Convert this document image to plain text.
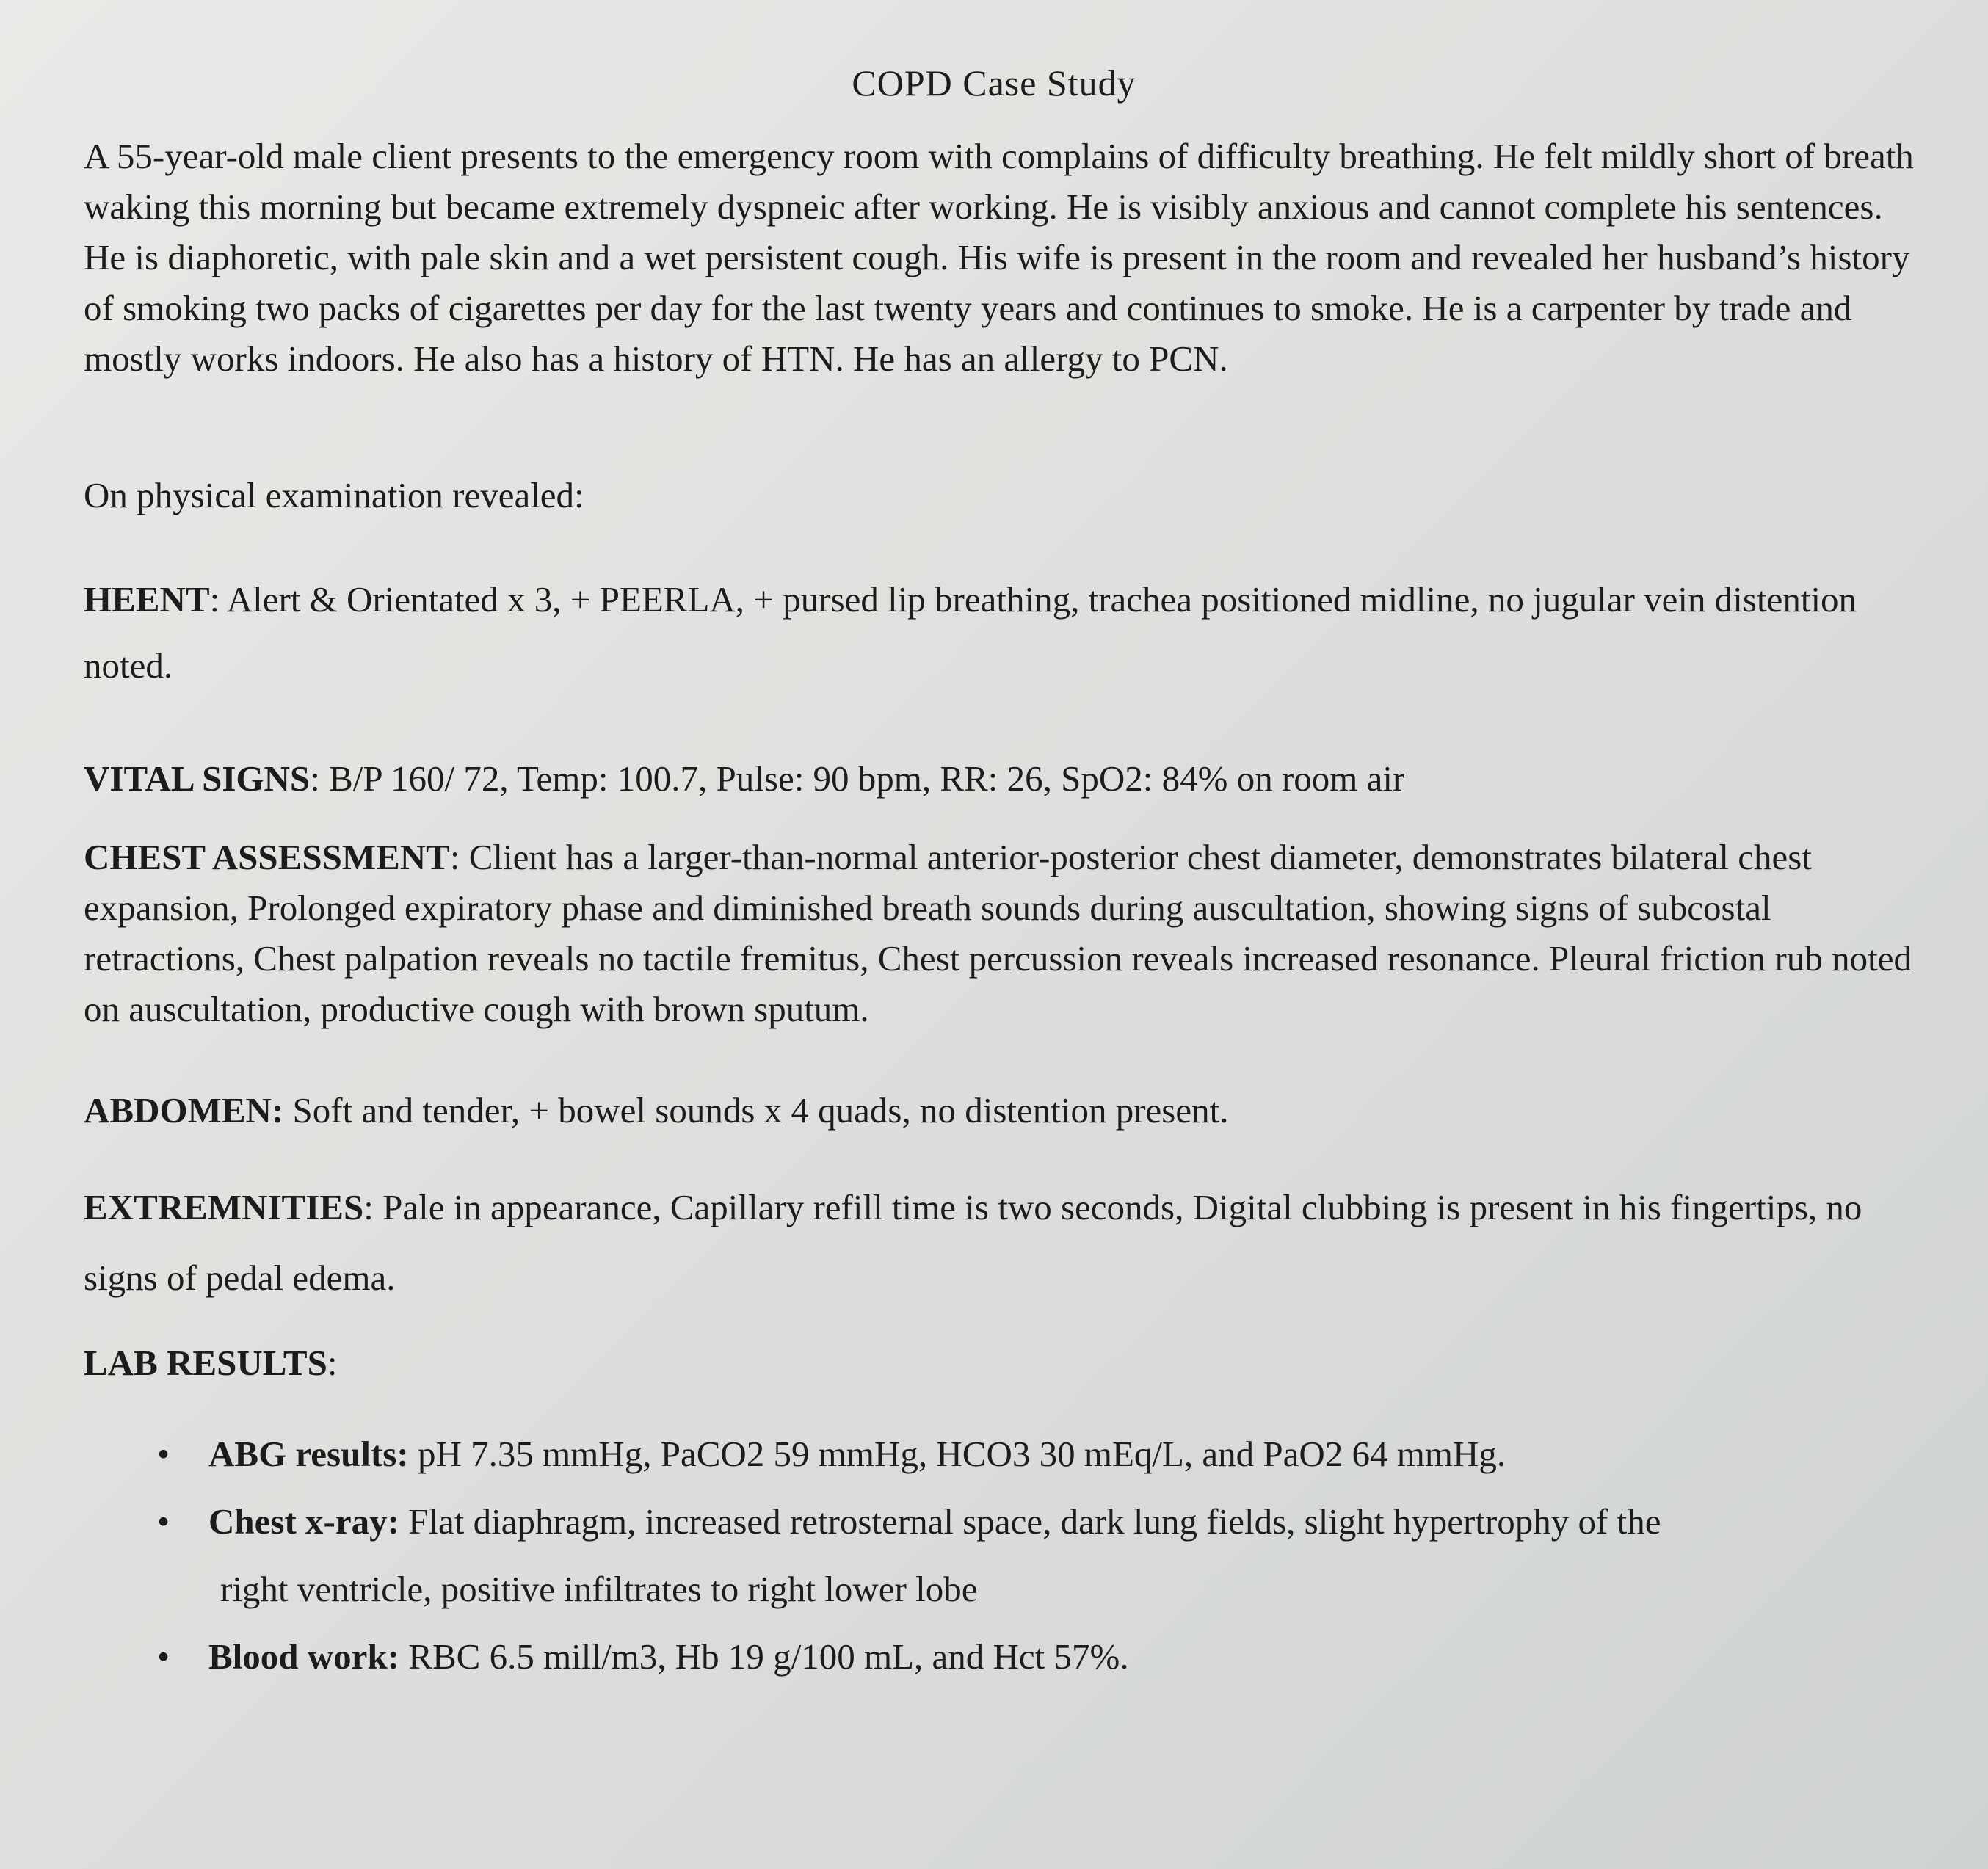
COPD Case Study
A 55-year-old male client presents to the emergency room with complains of difficulty breathing. He felt mildly short of breath waking this morning but became extremely dyspneic after working. He is visibly anxious and cannot complete his sentences. He is diaphoretic, with pale skin and a wet persistent cough. His wife is present in the room and revealed her husband’s history of smoking two packs of cigarettes per day for the last twenty years and continues to smoke. He is a carpenter by trade and mostly works indoors. He also has a history of HTN. He has an allergy to PCN.
On physical examination revealed:
HEENT: Alert & Orientated x 3, + PEERLA, + pursed lip breathing, trachea positioned midline, no jugular vein distention noted.
VITAL SIGNS: B/P 160/ 72, Temp: 100.7, Pulse: 90 bpm, RR: 26, SpO2: 84% on room air
CHEST ASSESSMENT: Client has a larger-than-normal anterior-posterior chest diameter, demonstrates bilateral chest expansion, Prolonged expiratory phase and diminished breath sounds during auscultation, showing signs of subcostal retractions, Chest palpation reveals no tactile fremitus, Chest percussion reveals increased resonance. Pleural friction rub noted on auscultation, productive cough with brown sputum.
ABDOMEN: Soft and tender, + bowel sounds x 4 quads, no distention present.
EXTREMNITIES: Pale in appearance, Capillary refill time is two seconds, Digital clubbing is present in his fingertips, no signs of pedal edema.
LAB RESULTS:
• ABG results: pH 7.35 mmHg, PaCO2 59 mmHg, HCO3 30 mEq/L, and PaO2 64 mmHg.
• Chest x-ray: Flat diaphragm, increased retrosternal space, dark lung fields, slight hypertrophy of the
right ventricle, positive infiltrates to right lower lobe
• Blood work: RBC 6.5 mill/m3, Hb 19 g/100 mL, and Hct 57%.
